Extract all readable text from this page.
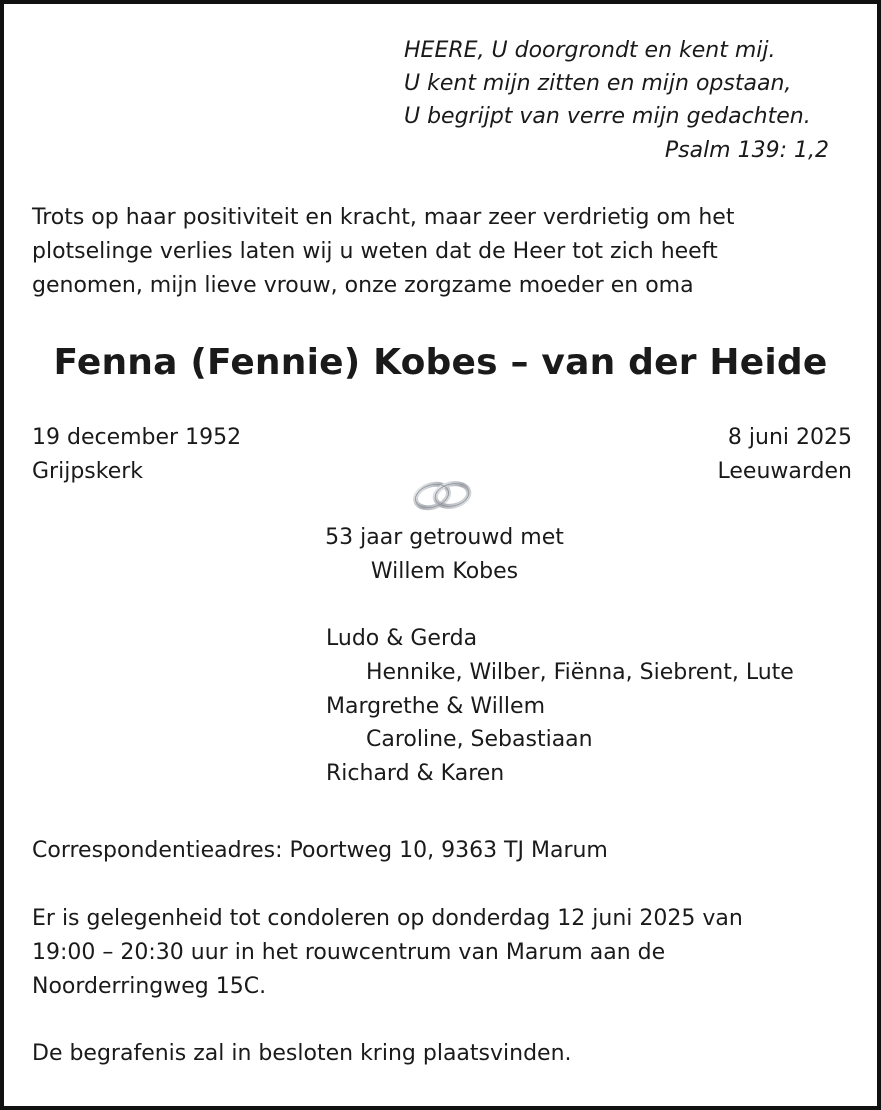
HEERE, U doorgrondt en kent mij.
U kent mijn zitten en mijn opstaan,
U begrijpt van verre mijn gedachten.
Psalm 139: 1,2
Trots op haar positiviteit en kracht, maar zeer verdrietig om het
plotselinge verlies laten wij u weten dat de Heer tot zich heeft
genomen, mijn lieve vrouw, onze zorgzame moeder en oma
Fenna (Fennie) Kobes – van der Heide
19 december 1952
Grijpskerk
8 juni 2025
Leeuwarden
53 jaar getrouwd met
Willem Kobes
Ludo & Gerda
Hennike, Wilber, Fiënna, Siebrent, Lute
Margrethe & Willem
Caroline, Sebastiaan
Richard & Karen
Correspondentieadres: Poortweg 10, 9363 TJ Marum
Er is gelegenheid tot condoleren op donderdag 12 juni 2025 van
19:00 – 20:30 uur in het rouwcentrum van Marum aan de
Noorderringweg 15C.
De begrafenis zal in besloten kring plaatsvinden.
